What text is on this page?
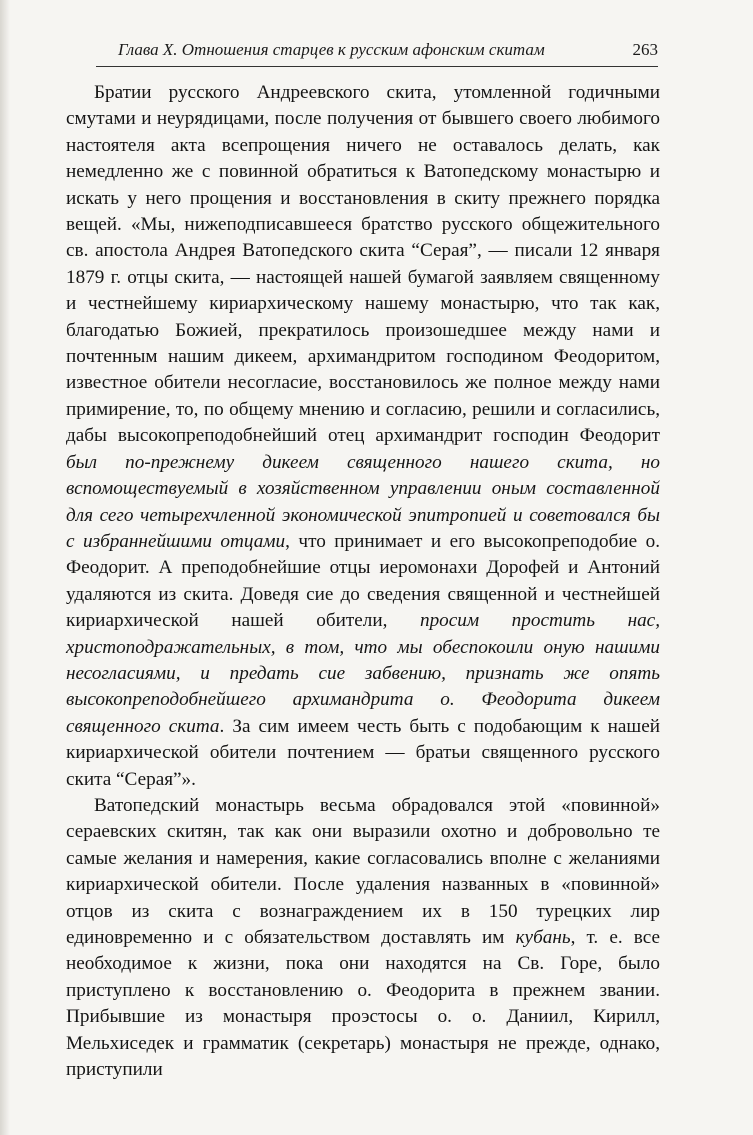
Глава X. Отношения старцев к русским афонским скитам	263

Братии русского Андреевского скита, утомленной годичными смутами и неурядицами, после получения от бывшего своего любимого настоятеля акта всепрощения ничего не оставалось делать, как немедленно же с повинной обратиться к Ватопедскому монастырю и искать у него прощения и восстановления в скиту прежнего порядка вещей. «Мы, нижеподписавшееся братство русского общежительного св. апостола Андрея Ватопедского скита “Серая”, — писали 12 января 1879 г. отцы скита, — настоящей нашей бумагой заявляем священному и честнейшему кириархическому нашему монастырю, что так как, благодатью Божией, прекратилось произошедшее между нами и почтенным нашим дикеем, архимандритом господином Феодоритом, известное обители несогласие, восстановилось же полное между нами примирение, то, по общему мнению и согласию, решили и согласились, дабы высокопреподобнейший отец архимандрит господин Феодорит был по-прежнему дикеем священного нашего скита, но вспомоществуемый в хозяйственном управлении оным составленной для сего четырехчленной экономической эпитропией и советовался бы с избраннейшими отцами, что принимает и его высокопреподобие о. Феодорит. А преподобнейшие отцы иеромонахи Дорофей и Антоний удаляются из скита. Доведя сие до сведения священной и честнейшей кириархической нашей обители, просим простить нас, христоподражательных, в том, что мы обеспокоили оную нашими несогласиями, и предать сие забвению, признать же опять высокопреподобнейшего архимандрита о. Феодорита дикеем священного скита. За сим имеем честь быть с подобающим к нашей кириархической обители почтением — братьи священного русского скита “Серая”».

Ватопедский монастырь весьма обрадовался этой «повинной» сераевских скитян, так как они выразили охотно и добровольно те самые желания и намерения, какие согласовались вполне с желаниями кириархической обители. После удаления названных в «повинной» отцов из скита с вознаграждением их в 150 турецких лир единовременно и с обязательством доставлять им кубань, т. е. все необходимое к жизни, пока они находятся на Св. Горе, было приступлено к восстановлению о. Феодорита в прежнем звании. Прибывшие из монастыря проэстосы о. о. Даниил, Кирилл, Мельхиседек и грамматик (секретарь) монастыря не прежде, однако, приступили
